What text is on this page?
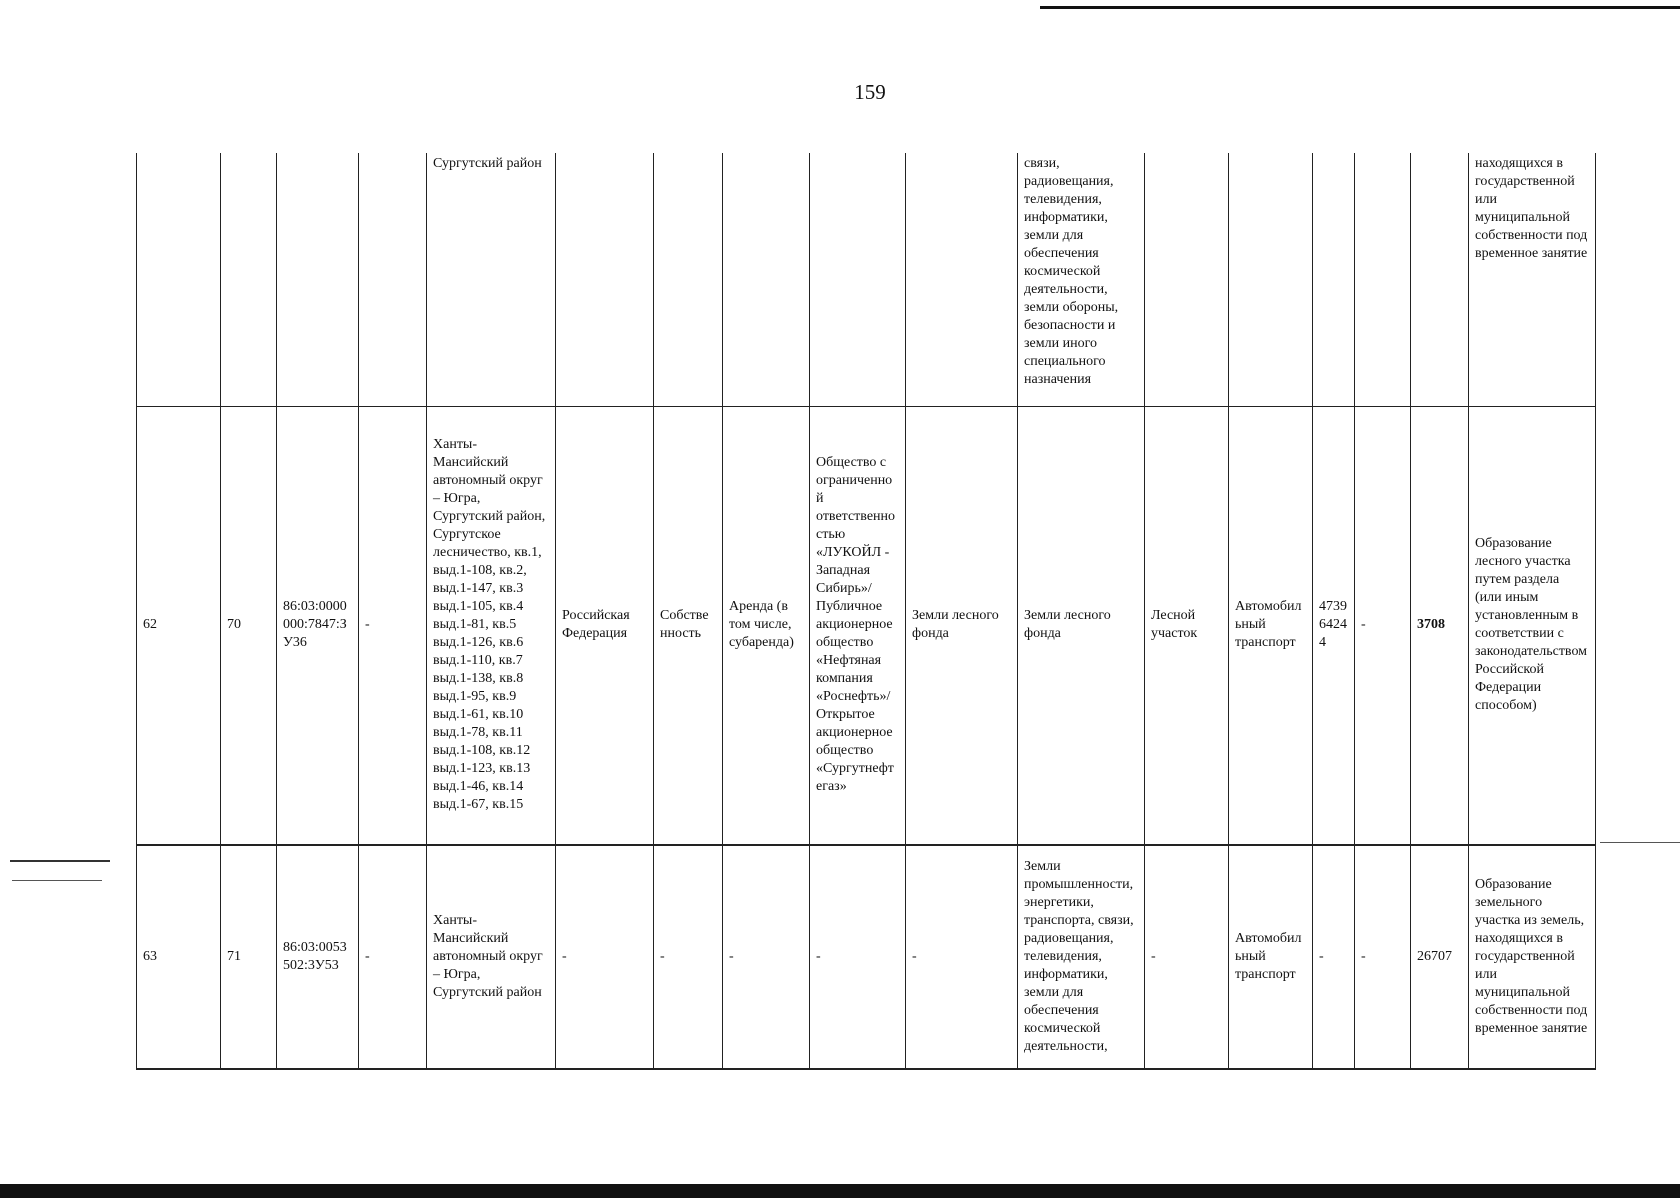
159
				Сургутский район						связи, радиовещания, телевидения, информатики, земли для обеспечения космической деятельности, земли обороны, безопасности и земли иного специального назначения						находящихся в государственной или муниципальной собственности под временное занятие
62	70	86:03:0000000:7847:ЗУ36	-	Ханты-Мансийский автономный округ – Югра, Сургутский район, Сургутское лесничество, кв.1, выд.1-108, кв.2, выд.1-147, кв.3 выд.1-105, кв.4 выд.1-81, кв.5 выд.1-126, кв.6 выд.1-110, кв.7 выд.1-138, кв.8 выд.1-95, кв.9 выд.1-61, кв.10 выд.1-78, кв.11 выд.1-108, кв.12 выд.1-123, кв.13 выд.1-46, кв.14 выд.1-67, кв.15	Российская Федерация	Собственность	Аренда (в том числе, субаренда)	Общество с ограниченной ответственностью «ЛУКОЙЛ - Западная Сибирь»/Публичное акционерное общество «Нефтяная компания «Роснефть»/Открытое акционерное общество «Сургутнефтегаз»	Земли лесного фонда	Земли лесного фонда	Лесной участок	Автомобильный транспорт	4739 6424 4	-	3708	Образование лесного участка путем раздела (или иным установленным в соответствии с законодательством Российской Федерации способом)
63	71	86:03:0053502:3У53	-	Ханты-Мансийский автономный округ – Югра, Сургутский район	-	-	-	-	-	Земли промышленности, энергетики, транспорта, связи, радиовещания, телевидения, информатики, земли для обеспечения космической деятельности,	-	Автомобильный транспорт	-	-	26707	Образование земельного участка из земель, находящихся в государственной или муниципальной собственности под временное занятие
